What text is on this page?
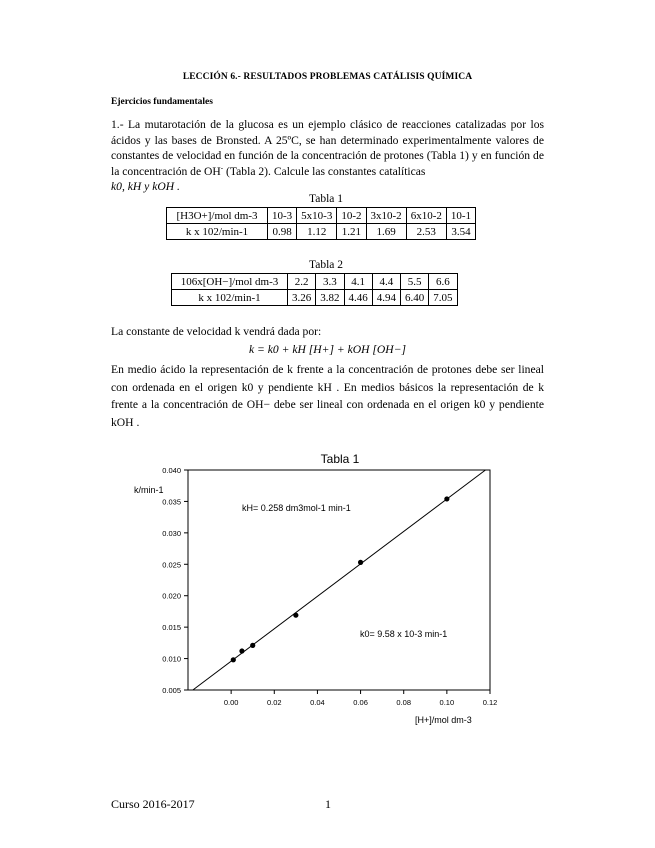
LECCIÓN 6.- RESULTADOS PROBLEMAS CATÁLISIS QUÍMICA
Ejercicios fundamentales
1.- La mutarotación de la glucosa es un ejemplo clásico de reacciones catalizadas por los ácidos y las bases de Bronsted. A 25ºC, se han determinado experimentalmente valores de constantes de velocidad en función de la concentración de protones (Tabla 1) y en función de la concentración de OH- (Tabla 2). Calcule las constantes catalíticas
k0, kH y kOH .
Tabla 1
[H3O+]/mol dm-3	10-3	5x10-3	10-2	3x10-2	6x10-2	10-1
k x 102/min-1	0.98	1.12	1.21	1.69	2.53	3.54
Tabla 2
106x[OH−]/mol dm-3	2.2	3.3	4.1	4.4	5.5	6.6
k x 102/min-1	3.26	3.82	4.46	4.94	6.40	7.05
La constante de velocidad k vendrá dada por:
k = k0 + kH [H+] + kOH [OH−]
En medio ácido la representación de k frente a la concentración de protones debe ser lineal con ordenada en el origen k0 y pendiente kH . En medios básicos la representación de k frente a la concentración de OH− debe ser lineal con ordenada en el origen k0 y pendiente kOH .
Tabla 1
k/min-1
[H+]/mol dm-3
kH= 0.258 dm3mol-1 min-1
k0= 9.58 x 10-3 min-1
0.00	0.02	0.04	0.06	0.08	0.10	0.12
0.005
0.010
0.015
0.020
0.025
0.030
0.035
0.040
Curso 2016-2017	1
